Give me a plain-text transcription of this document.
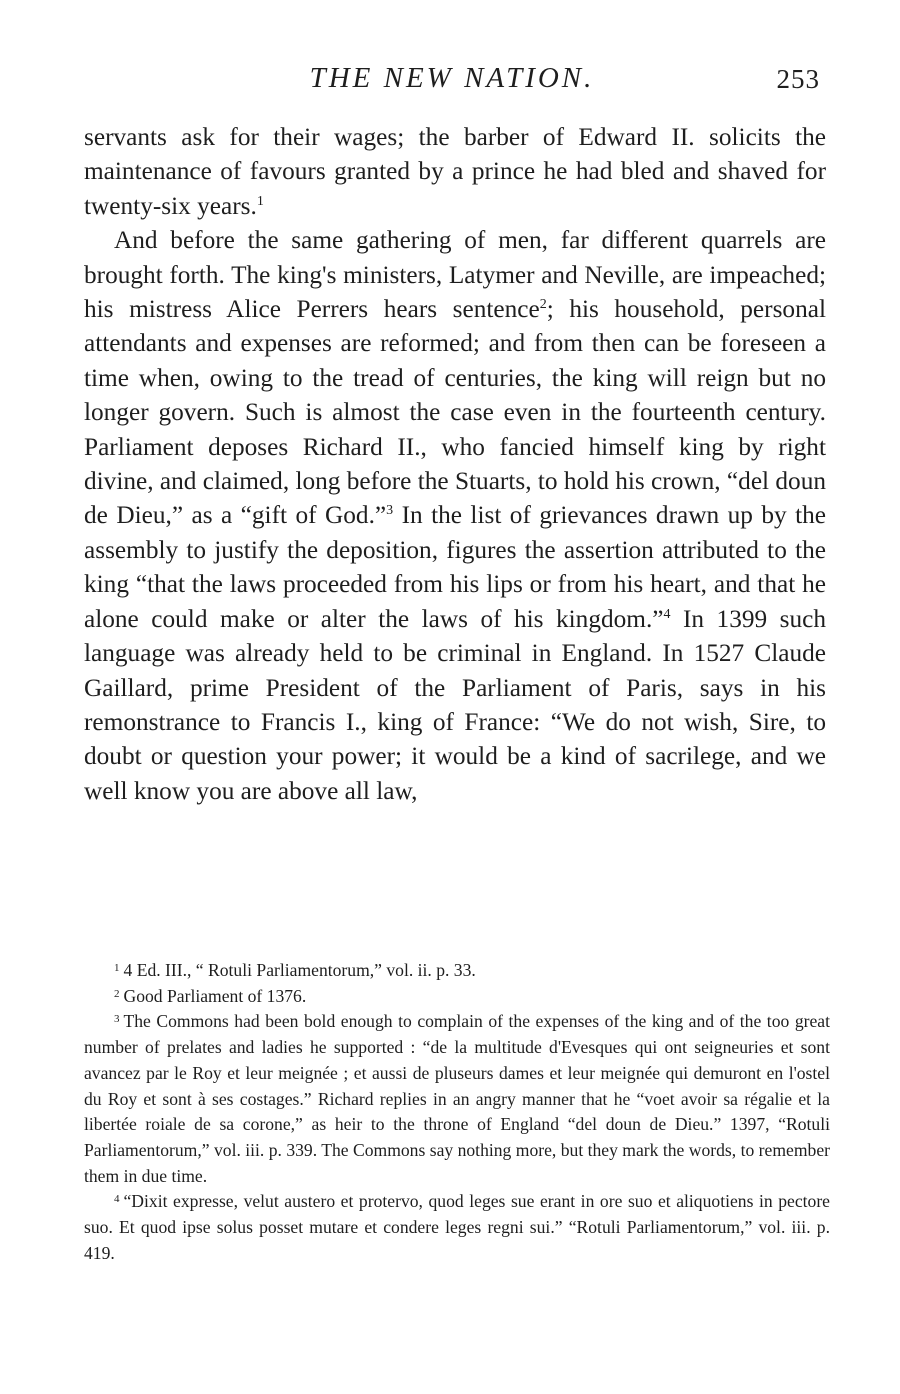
THE NEW NATION.	253

servants ask for their wages; the barber of Edward II. solicits the maintenance of favours granted by a prince he had bled and shaved for twenty-six years.$^1$

And before the same gathering of men, far different quarrels are brought forth. The king's ministers, Latymer and Neville, are impeached; his mistress Alice Perrers hears sentence$^2$; his household, personal attendants and expenses are reformed; and from then can be foreseen a time when, owing to the tread of centuries, the king will reign but no longer govern. Such is almost the case even in the fourteenth century. Parliament deposes Richard II., who fancied himself king by right divine, and claimed, long before the Stuarts, to hold his crown, “del doun de Dieu,” as a “gift of God.”$^3$ In the list of grievances drawn up by the assembly to justify the deposition, figures the assertion attributed to the king “that the laws proceeded from his lips or from his heart, and that he alone could make or alter the laws of his kingdom.”$^4$ In 1399 such language was already held to be criminal in England. In 1527 Claude Gaillard, prime President of the Parliament of Paris, says in his remonstrance to Francis I., king of France: “We do not wish, Sire, to doubt or question your power; it would be a kind of sacrilege, and we well know you are above all law,

$^1$ 4 Ed. III., “ Rotuli Parliamentorum,” vol. ii. p. 33.

$^2$ Good Parliament of 1376.

$^3$ The Commons had been bold enough to complain of the expenses of the king and of the too great number of prelates and ladies he supported : “de la multitude d'Evesques qui ont seigneuries et sont avancez par le Roy et leur meignée ; et aussi de pluseurs dames et leur meignée qui demuront en l'ostel du Roy et sont à ses costages.” Richard replies in an angry manner that he “voet avoir sa régalie et la libertée roiale de sa corone,” as heir to the throne of England “del doun de Dieu.” 1397, “Rotuli Parliamentorum,” vol. iii. p. 339. The Commons say nothing more, but they mark the words, to remember them in due time.

$^4$ “Dixit expresse, velut austero et protervo, quod leges sue erant in ore suo et aliquotiens in pectore suo. Et quod ipse solus posset mutare et condere leges regni sui.” “Rotuli Parliamentorum,” vol. iii. p. 419.
